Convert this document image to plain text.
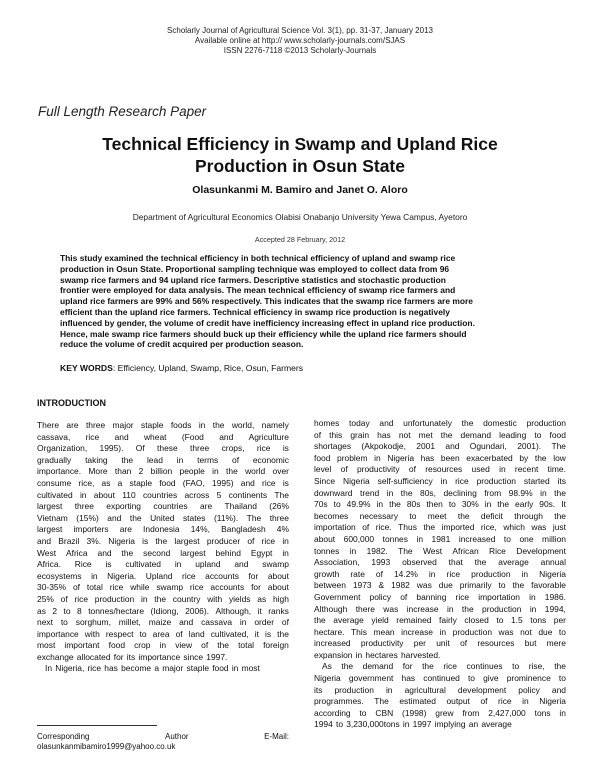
Scholarly Journal of Agricultural Science Vol. 3(1), pp. 31-37, January 2013
Available online at http:// www.scholarly-journals.com/SJAS
ISSN 2276-7118 ©2013 Scholarly-Journals
Full Length Research Paper
Technical Efficiency in Swamp and Upland Rice
Production in Osun State
Olasunkanmi M. Bamiro and Janet O. Aloro
Department of Agricultural Economics Olabisi Onabanjo University Yewa Campus, Ayetoro
Accepted 28 February, 2012
This study examined the technical efficiency in both technical efficiency of upland and swamp rice
production in Osun State. Proportional sampling technique was employed to collect data from 96
swamp rice farmers and 94 upland rice farmers. Descriptive statistics and stochastic production
frontier were employed for data analysis. The mean technical efficiency of swamp rice farmers and
upland rice farmers are 99% and 56% respectively. This indicates that the swamp rice farmers are more
efficient than the upland rice farmers. Technical efficiency in swamp rice production is negatively
influenced by gender, the volume of credit have inefficiency increasing effect in upland rice production.
Hence, male swamp rice farmers should buck up their efficiency while the upland rice farmers should
reduce the volume of credit acquired per production season.
KEY WORDS: Efficiency, Upland, Swamp, Rice, Osun, Farmers
INTRODUCTION
There are three major staple foods in the world, namely
cassava, rice and wheat (Food and Agriculture
Organization, 1995). Of these three crops, rice is
gradually taking the lead in terms of economic
importance. More than 2 billion people in the world over
consume rice, as a staple food (FAO, 1995) and rice is
cultivated in about 110 countries across 5 continents The
largest three exporting countries are Thailand (26%
Vietnam (15%) and the United states (11%). The three
largest importers are Indonesia 14%, Bangladesh 4%
and Brazil 3%. Nigeria is the largest producer of rice in
West Africa and the second largest behind Egypt in
Africa. Rice is cultivated in upland and swamp
ecosystems in Nigeria. Upland rice accounts for about
30-35% of total rice while swamp rice accounts for about
25% of rice production in the country with yields as high
as 2 to 8 tonnes/hectare (Idiong, 2006). Although, it ranks
next to sorghum, millet, maize and cassava in order of
importance with respect to area of land cultivated, it is the
most important food crop in view of the total foreign
exchange allocated for its importance since 1997.
In Nigeria, rice has become a major staple food in most
homes today and unfortunately the domestic production
of this grain has not met the demand leading to food
shortages (Akpokodje, 2001 and Ogundari, 2001). The
food problem in Nigeria has been exacerbated by the low
level of productivity of resources used in recent time.
Since Nigeria self-sufficiency in rice production started its
downward trend in the 80s, declining from 98.9% in the
70s to 49.9% in the 80s then to 30% in the early 90s. It
becomes necessary to meet the deficit through the
importation of rice. Thus the imported rice, which was just
about 600,000 tonnes in 1981 increased to one million
tonnes in 1982. The West African Rice Development
Association, 1993 observed that the average annual
growth rate of 14.2% in rice production in Nigeria
between 1973 & 1982 was due primarily to the favorable
Government policy of banning rice importation in 1986.
Although there was increase in the production in 1994,
the average yield remained fairly closed to 1.5 tons per
hectare. This mean increase in production was not due to
increased productivity per unit of resources but mere
expansion in hectares harvested.
As the demand for the rice continues to rise, the
Nigeria government has continued to give prominence to
its production in agricultural development policy and
programmes. The estimated output of rice in Nigeria
according to CBN (1998) grew from 2,427,000 tons in
1994 to 3,230,000tons in 1997 implying an average
Corresponding	Author	E-Mail:
olasunkanmibamiro1999@yahoo.co.uk
